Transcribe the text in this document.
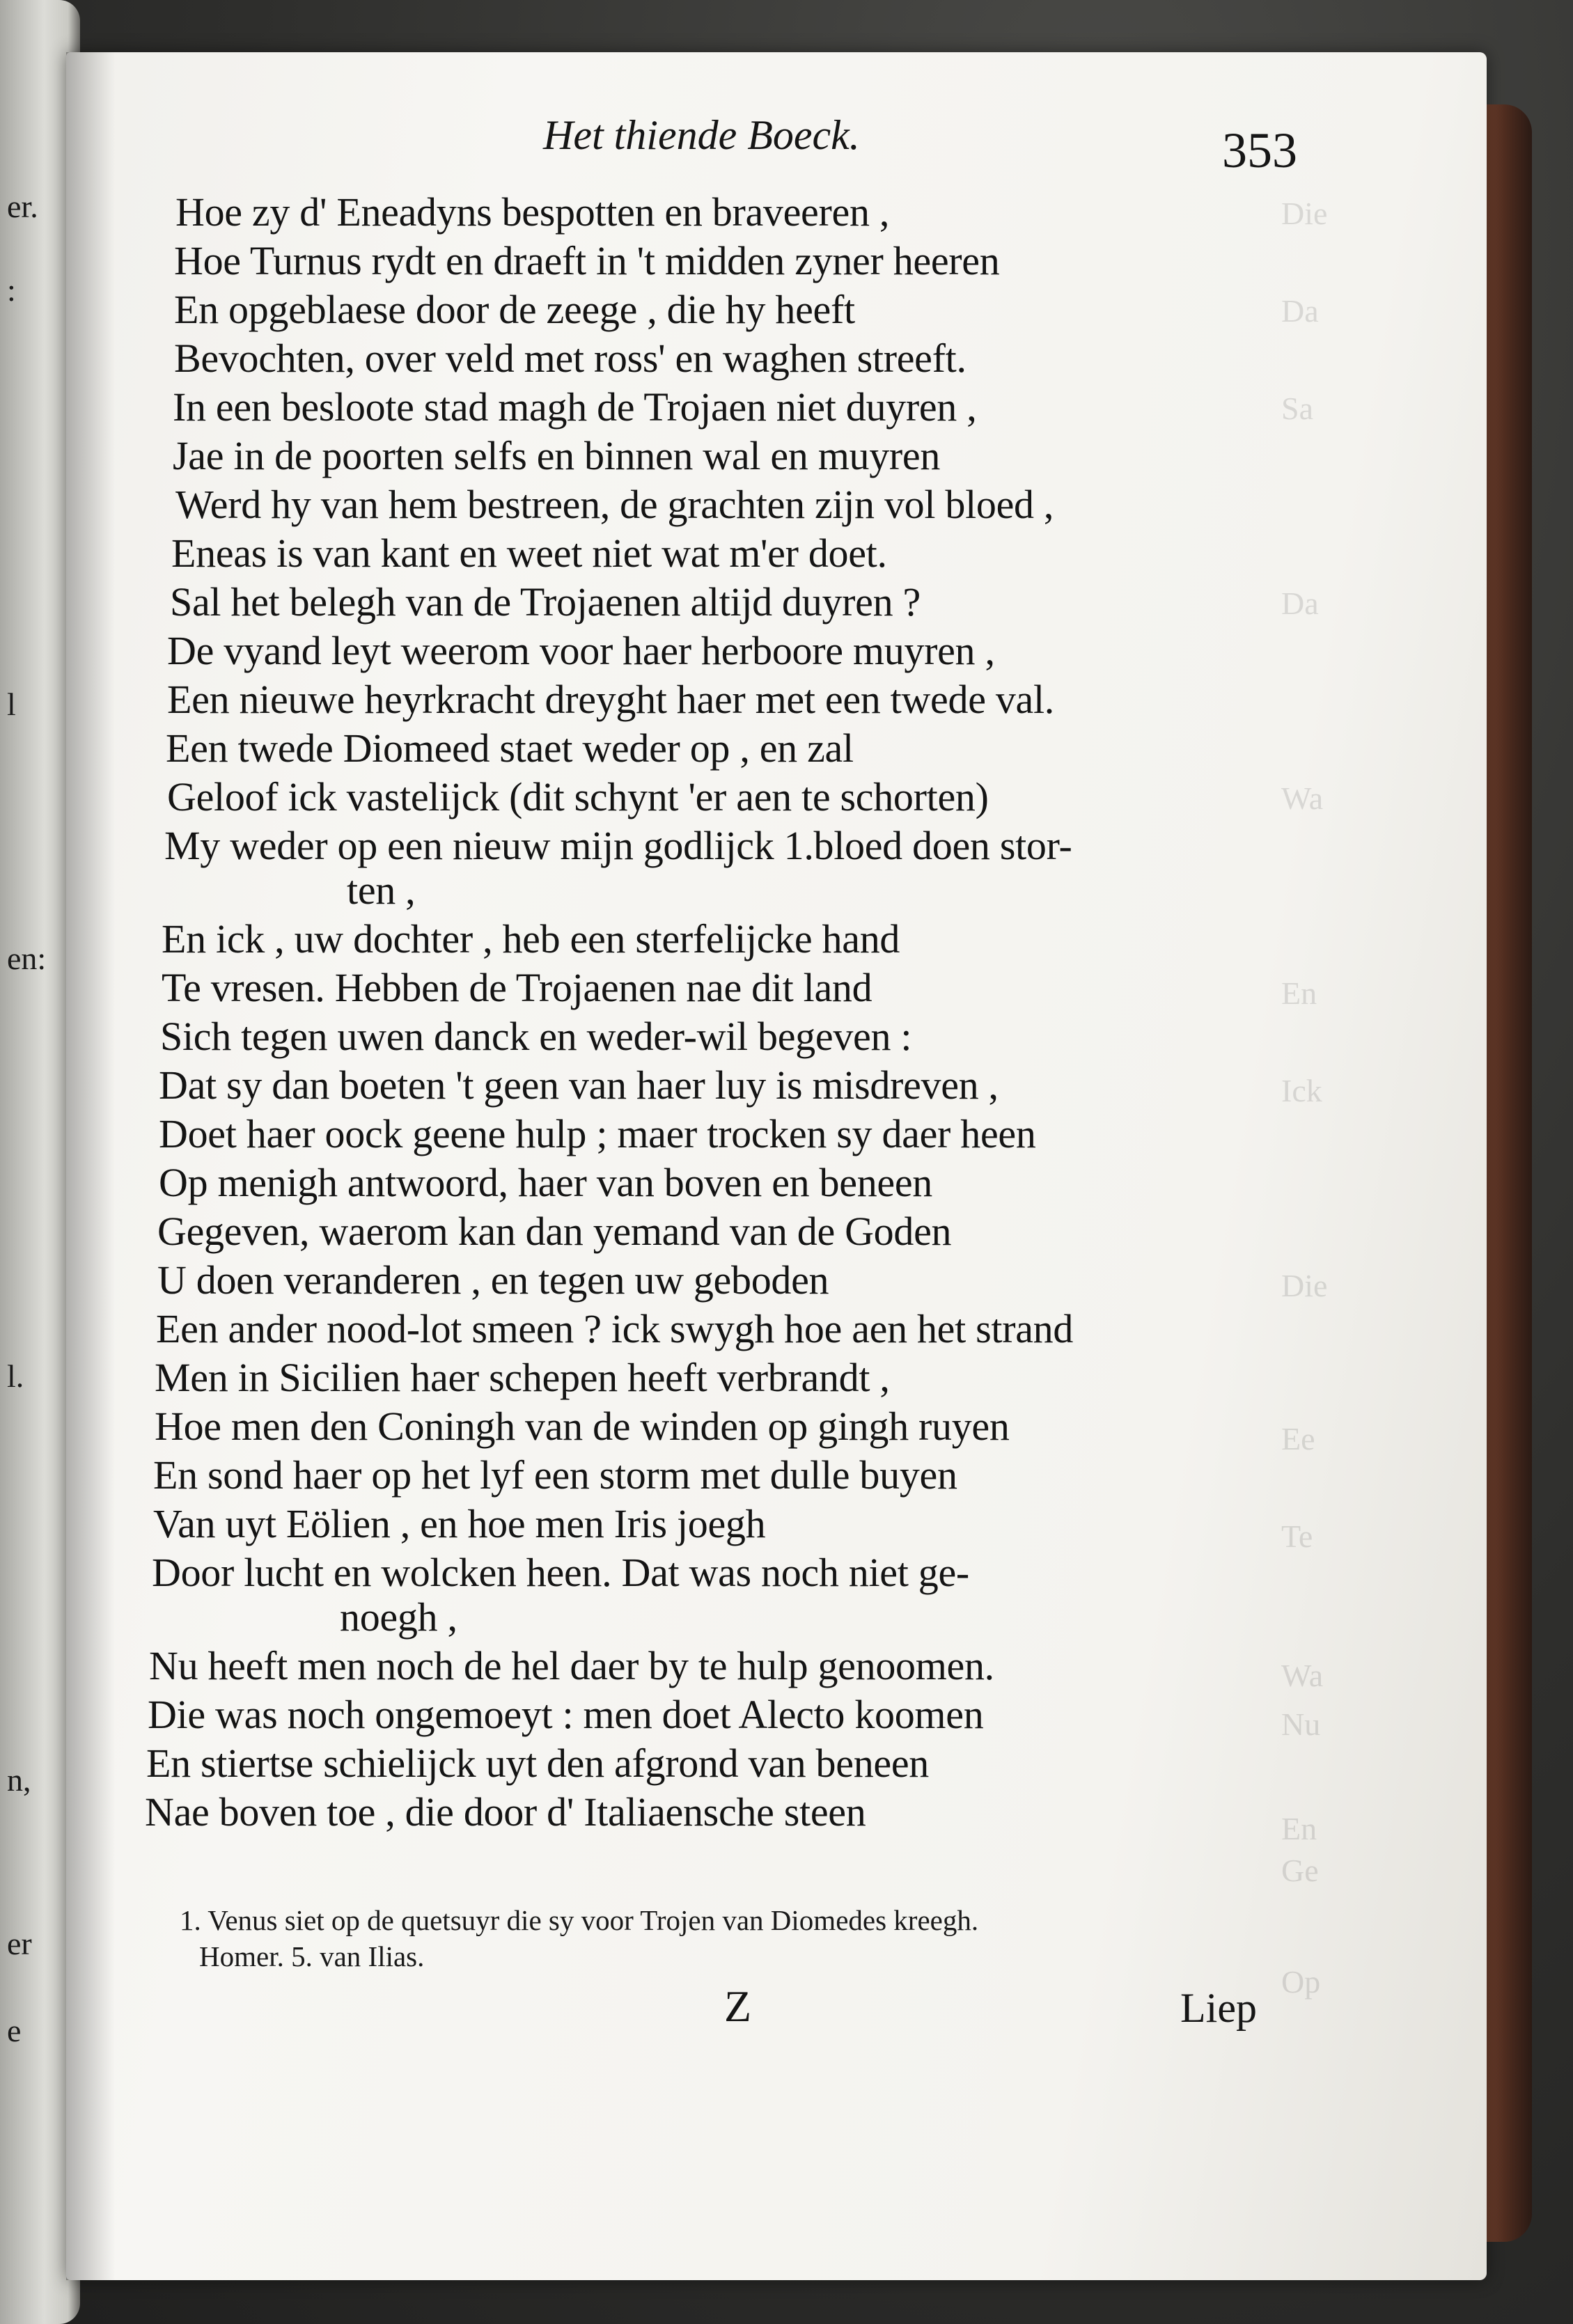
er.
:
l
en:
l.
n,
er
e
Die
Da
Sa
Da
Wa
En
Ick
Die
Ee
Te
Wa
Nu
En
Ge
Op
Het thiende Boeck.	353
Hoe zy d' Eneadyns bespotten en braveeren ,
Hoe Turnus rydt en draeft in 't midden zyner heeren
En opgeblaese door de zeege , die hy heeft
Bevochten, over veld met ross' en waghen streeft.
In een besloote stad magh de Trojaen niet duyren ,
Jae in de poorten selfs en binnen wal en muyren
Werd hy van hem bestreen, de grachten zijn vol bloed ,
Eneas is van kant en weet niet wat m'er doet.
Sal het belegh van de Trojaenen altijd duyren ?
De vyand leyt weerom voor haer herboore muyren ,
Een nieuwe heyrkracht dreyght haer met een twede val.
Een twede Diomeed staet weder op , en zal
Geloof ick vastelijck (dit schynt 'er aen te schorten)
My weder op een nieuw mijn godlijck 1.bloed doen stor-
ten ,
En ick , uw dochter , heb een sterfelijcke hand
Te vresen. Hebben de Trojaenen nae dit land
Sich tegen uwen danck en weder-wil begeven :
Dat sy dan boeten 't geen van haer luy is misdreven ,
Doet haer oock geene hulp ; maer trocken sy daer heen
Op menigh antwoord, haer van boven en beneen
Gegeven, waerom kan dan yemand van de Goden
U doen veranderen , en tegen uw geboden
Een ander nood-lot smeen ? ick swygh hoe aen het strand
Men in Sicilien haer schepen heeft verbrandt ,
Hoe men den Coningh van de winden op gingh ruyen
En sond haer op het lyf een storm met dulle buyen
Van uyt Eölien , en hoe men Iris joegh
Door lucht en wolcken heen. Dat was noch niet ge-
noegh ,
Nu heeft men noch de hel daer by te hulp genoomen.
Die was noch ongemoeyt : men doet Alecto koomen
En stiertse schielijck uyt den afgrond van beneen
Nae boven toe , die door d' Italiaensche steen
1. Venus siet op de quetsuyr die sy voor Trojen van Diomedes kreegh.
Homer. 5. van Ilias.
Z	Liep
